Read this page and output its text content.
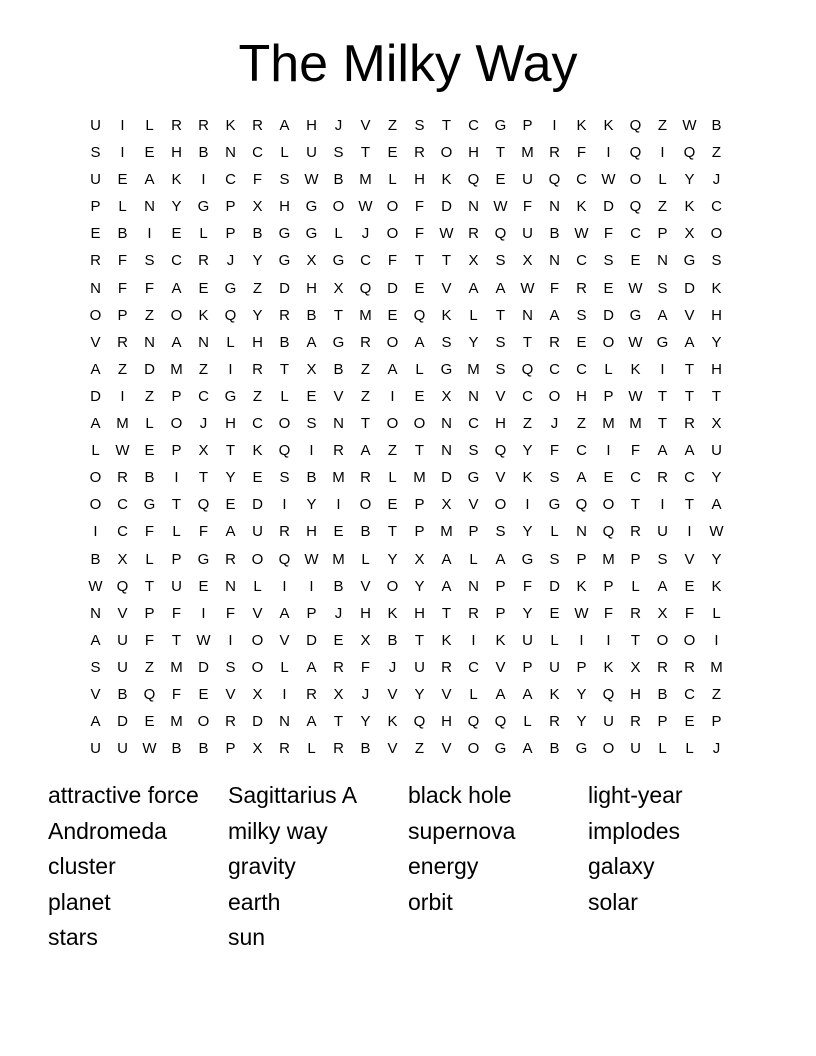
The Milky Way
U	I	L	R	R	K	R	A	H	J	V	Z	S	T	C	G	P	I	K	K	Q	Z	W B
S	I	E	H	B	N	C	L	U	S	T	E	R	O	H	T	M	R	F	I	Q	I	Q	Z
U	E	A	K	I	C	F	S W B	M	L	H	K	Q	E	U	Q	C W O	L	Y	J
P	L	N	Y	G	P	X	H	G	O W O	F	D	N W	F	N	K	D	Q	Z	K	C
E	B	I	E	L	P	B	G	G	L	J	O	F	W R	Q	U	B W	F	C	P	X	O
R	F	S	C	R	J	Y	G	X	G	C	F	T	T	X	S	X	N	C	S	E	N	G	S
N	F	F	A	E	G	Z	D	H	X	Q	D	E	V	A	A W	F	R	E W S	D	K
O	P	Z	O	K	Q	Y	R	B	T	M	E	Q	K	L	T	N	A	S	D	G	A	V	H
V	R	N	A	N	L	H	B	A	G	R	O	A	S	Y	S	T	R	E	O W G	A	Y
A	Z	D	M	Z	I	R	T	X	B	Z	A	L	G M	S	Q	C	C	L	K	I	T	H
D	I	Z	P	C	G	Z	L	E	V	Z	I	E	X	N	V	C	O	H	P W	T	T	T
A	M	L	O	J	H	C	O	S	N	T	O	O	N	C	H	Z	J	Z	M M	T	R	X
L	W E	P	X	T	K	Q	I	R	A	Z	T	N	S	Q	Y	F	C	I	F	A	A	U
O	R	B	I	T	Y	E	S	B	M	R	L	M	D	G	V	K	S	A	E	C	R	C	Y
O	C	G	T	Q	E	D	I	Y	I	O	E	P	X	V	O	I	G	Q	O	T	I	T	A
I	C	F	L	F	A	U	R	H	E	B	T	P	M	P	S	Y	L	N	Q	R	U	I	W
B	X	L	P	G	R	O	Q W M	L	Y	X	A	L	A	G	S	P	M	P	S	V	Y
W Q	T	U	E	N	L	I	I	B	V	O	Y	A	N	P	F	D	K	P	L	A	E	K
N	V	P	F	I	F	V	A	P	J	H	K	H	T	R	P	Y	E W	F	R	X	F	L
A	U	F	T	W	I	O	V	D	E	X	B	T	K	I	K	U	L	I	I	T	O	O	I
S	U	Z	M	D	S	O	L	A	R	F	J	U	R	C	V	P	U	P	K	X	R	R	M
V	B	Q	F	E	V	X	I	R	X	J	V	Y	V	L	A	A	K	Y	Q	H	B	C	Z
A	D	E	M O	R	D	N	A	T	Y	K	Q	H	Q	Q	L	R	Y	U	R	P	E	P
U	U W B	B	P	X	R	L	R	B	V	Z	V	O	G	A	B	G	O	U	L	L	J
attractive force	Sagittarius A	black hole	light-year
Andromeda	milky way	supernova	implodes
cluster	gravity	energy	galaxy
planet	earth	orbit	solar
stars	sun
